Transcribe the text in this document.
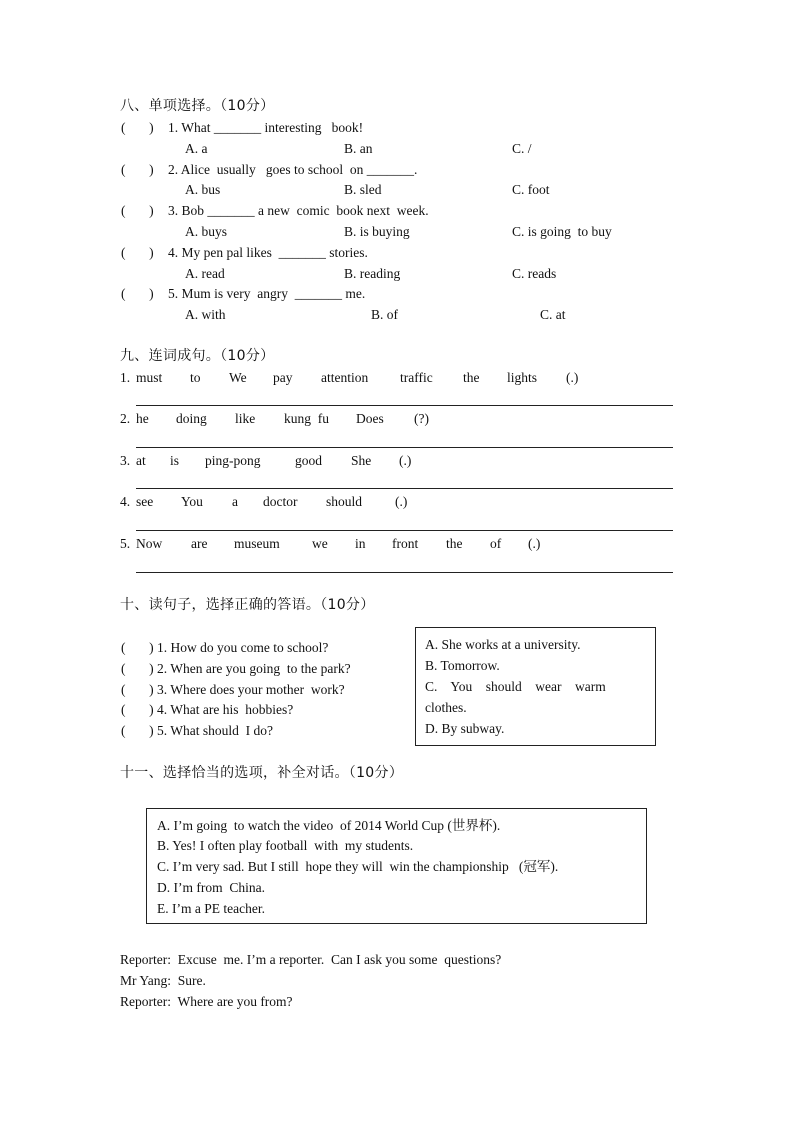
八、单项选择。（10分）
(       ) 1. What _______ interesting   book!
A. a	B. an	C. /
(       ) 2. Alice  usually   goes to school  on _______.
A. bus	B. sled	C. foot
(       ) 3. Bob _______ a new  comic  book next  week.
A. buys	B. is buying	C. is going  to buy
(       ) 4. My pen pal likes  _______ stories.
A. read	B. reading	C. reads
(       ) 5. Mum is very  angry  _______ me.
A. with	B. of	C. at
九、连词成句。（10分）
1. must to We pay attention traffic the lights (.)
2. he doing like kung  fu Does (?)
3. at is ping-pong	good She (.)
4. see You a doctor should (.)
5. Now are museum we in front the of (.)
十、读句子，选择正确的答语。（10分）
(       ) 1. How do you come to school?
(       ) 2. When are you going  to the park?
(       ) 3. Where does your mother  work?
(       ) 4. What are his  hobbies?
(       ) 5. What should  I do?
A. She works at a university.
B. Tomorrow.
C.    You    should    wear    warm
clothes.
D. By subway.
十一、选择恰当的选项，补全对话。（10分）
A. I’m going  to watch the video  of 2014 World Cup (世界杯).
B. Yes! I often play football  with  my students.
C. I’m very sad. But I still  hope they will  win the championship   (冠军).
D. I’m from  China.
E. I’m a PE teacher.
Reporter:  Excuse  me. I’m a reporter.  Can I ask you some  questions?
Mr Yang:  Sure.
Reporter:  Where are you from?
